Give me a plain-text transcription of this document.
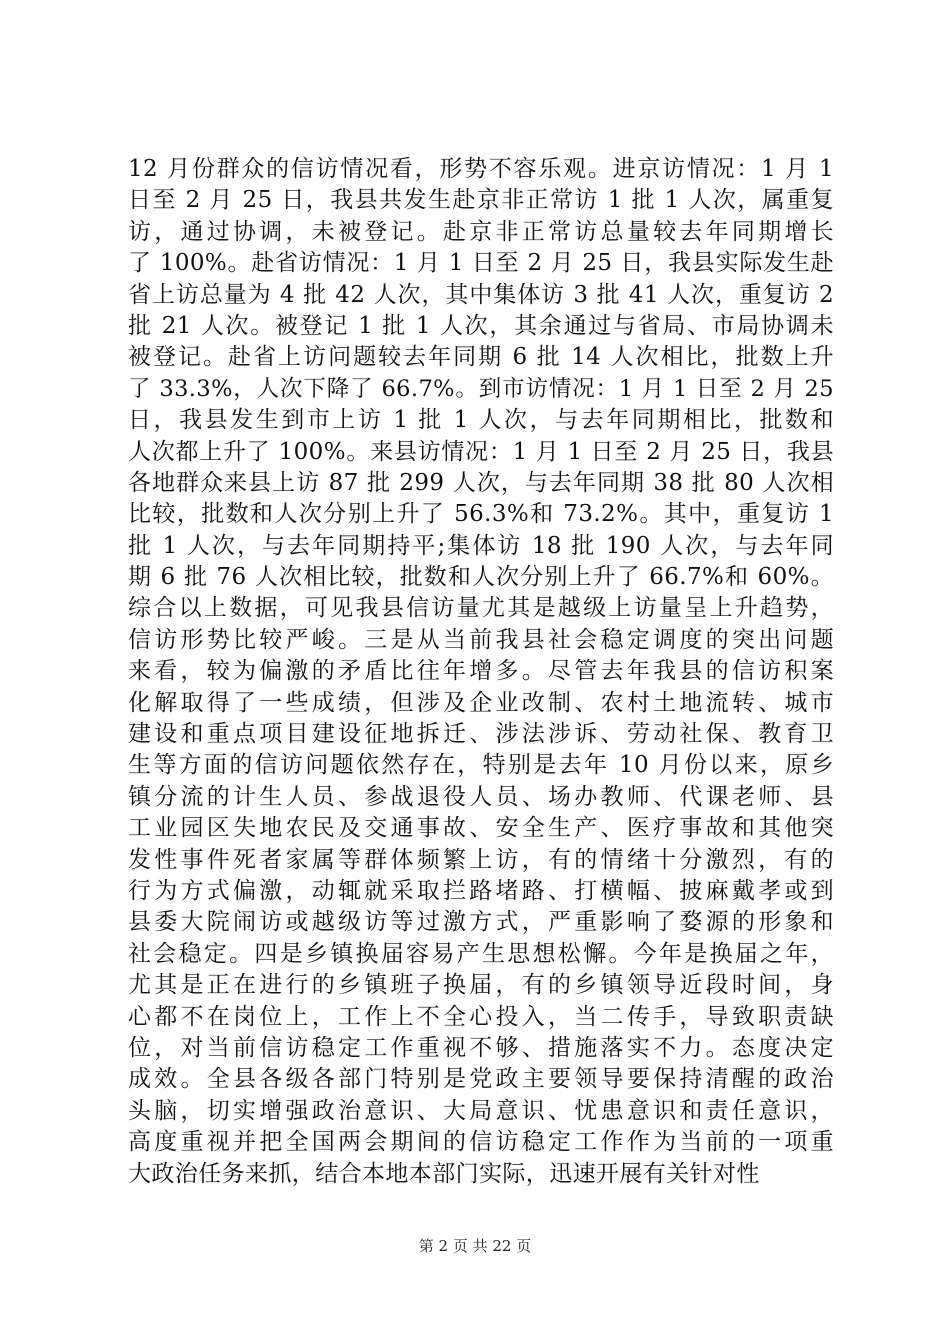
12 月份群众的信访情况看，形势不容乐观。进京访情况：1 月 1
日至 2 月 25 日，我县共发生赴京非正常访 1 批 1 人次，属重复
访，通过协调，未被登记。赴京非正常访总量较去年同期增长
了 100%。赴省访情况：1 月 1 日至 2 月 25 日，我县实际发生赴
省上访总量为 4 批 42 人次，其中集体访 3 批 41 人次，重复访 2
批 21 人次。被登记 1 批 1 人次，其余通过与省局、市局协调未
被登记。赴省上访问题较去年同期 6 批 14 人次相比，批数上升
了 33.3%，人次下降了 66.7%。到市访情况：1 月 1 日至 2 月 25
日，我县发生到市上访 1 批 1 人次，与去年同期相比，批数和
人次都上升了 100%。来县访情况：1 月 1 日至 2 月 25 日，我县
各地群众来县上访 87 批 299 人次，与去年同期 38 批 80 人次相
比较，批数和人次分别上升了 56.3%和 73.2%。其中，重复访 1
批 1 人次，与去年同期持平;集体访 18 批 190 人次，与去年同
期 6 批 76 人次相比较，批数和人次分别上升了 66.7%和 60%。
综合以上数据，可见我县信访量尤其是越级上访量呈上升趋势，
信访形势比较严峻。三是从当前我县社会稳定调度的突出问题
来看，较为偏激的矛盾比往年增多。尽管去年我县的信访积案
化解取得了一些成绩，但涉及企业改制、农村土地流转、城市
建设和重点项目建设征地拆迁、涉法涉诉、劳动社保、教育卫
生等方面的信访问题依然存在，特别是去年 10 月份以来，原乡
镇分流的计生人员、参战退役人员、场办教师、代课老师、县
工业园区失地农民及交通事故、安全生产、医疗事故和其他突
发性事件死者家属等群体频繁上访，有的情绪十分激烈，有的
行为方式偏激，动辄就采取拦路堵路、打横幅、披麻戴孝或到
县委大院闹访或越级访等过激方式，严重影响了婺源的形象和
社会稳定。四是乡镇换届容易产生思想松懈。今年是换届之年，
尤其是正在进行的乡镇班子换届，有的乡镇领导近段时间，身
心都不在岗位上，工作上不全心投入，当二传手，导致职责缺
位，对当前信访稳定工作重视不够、措施落实不力。态度决定
成效。全县各级各部门特别是党政主要领导要保持清醒的政治
头脑，切实增强政治意识、大局意识、忧患意识和责任意识，
高度重视并把全国两会期间的信访稳定工作作为当前的一项重
大政治任务来抓，结合本地本部门实际，迅速开展有关针对性
第 2 页 共 22 页
